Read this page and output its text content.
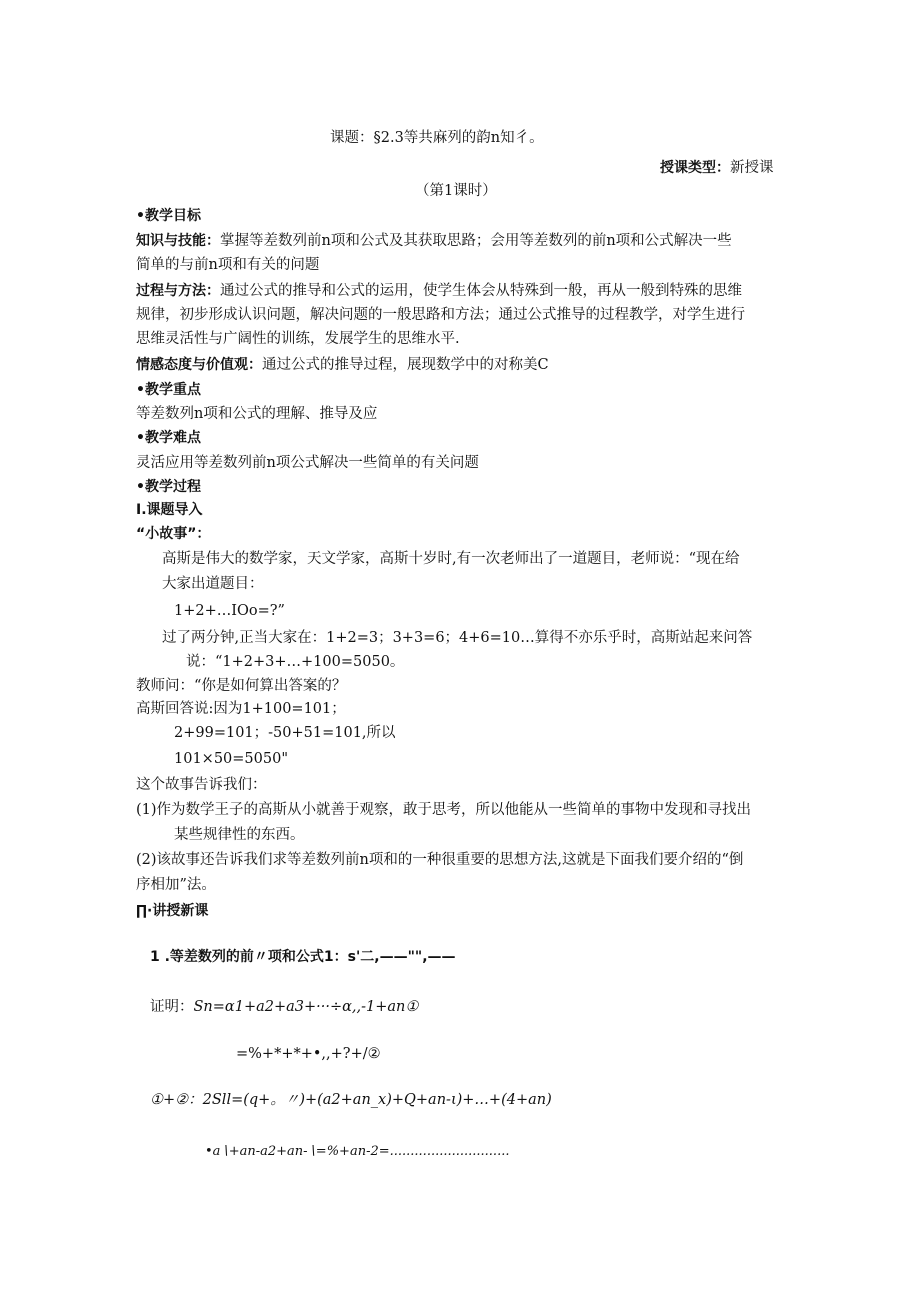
课题：§2.3等共麻列的韵n知彳。
授课类型：新授课
（第1课时）
•教学目标
知识与技能：掌握等差数列前n项和公式及其获取思路；会用等差数列的前n项和公式解决一些
简单的与前n项和有关的问题
过程与方法：通过公式的推导和公式的运用，使学生体会从特殊到一般，再从一般到特殊的思维
规律，初步形成认识问题，解决问题的一般思路和方法；通过公式推导的过程教学，对学生进行
思维灵活性与广阔性的训练，发展学生的思维水平.
情感态度与价值观：通过公式的推导过程，展现数学中的对称美C
•教学重点
等差数列n项和公式的理解、推导及应
•教学难点
灵活应用等差数列前n项公式解决一些简单的有关问题
•教学过程
I.课题导入
“小故事”：
高斯是伟大的数学家，天文学家，高斯十岁时,有一次老师出了一道题目，老师说：“现在给
大家出道题目：
1+2+…IOo=?”
过了两分钟,正当大家在：1+2=3；3+3=6；4+6=10…算得不亦乐乎时，高斯站起来问答
说：“1+2+3+…+100=5050。
教师问：“你是如何算出答案的？
高斯回答说:因为1+100=101；
2+99=101；-50+51=101,所以
101×50=5050"
这个故事告诉我们：
(1)作为数学王子的高斯从小就善于观察，敢于思考，所以他能从一些简单的事物中发现和寻找出
某些规律性的东西。
(2)该故事还告诉我们求等差数列前n项和的一种很重要的思想方法,这就是下面我们要介绍的“倒
序相加”法。
∏·讲授新课
1 .等差数列的前〃项和公式1：s'二,——"",——
证明：Sn=α1+a2+a3+···÷α,,-1+an①
=%+*+*+•,,+?+/②
①+②：2Sll=(q+。〃)+(a2+an_x)+Q+an-ι)+…+(4+an)
•a∖+an-a2+an-∖=%+an-2=.............................
